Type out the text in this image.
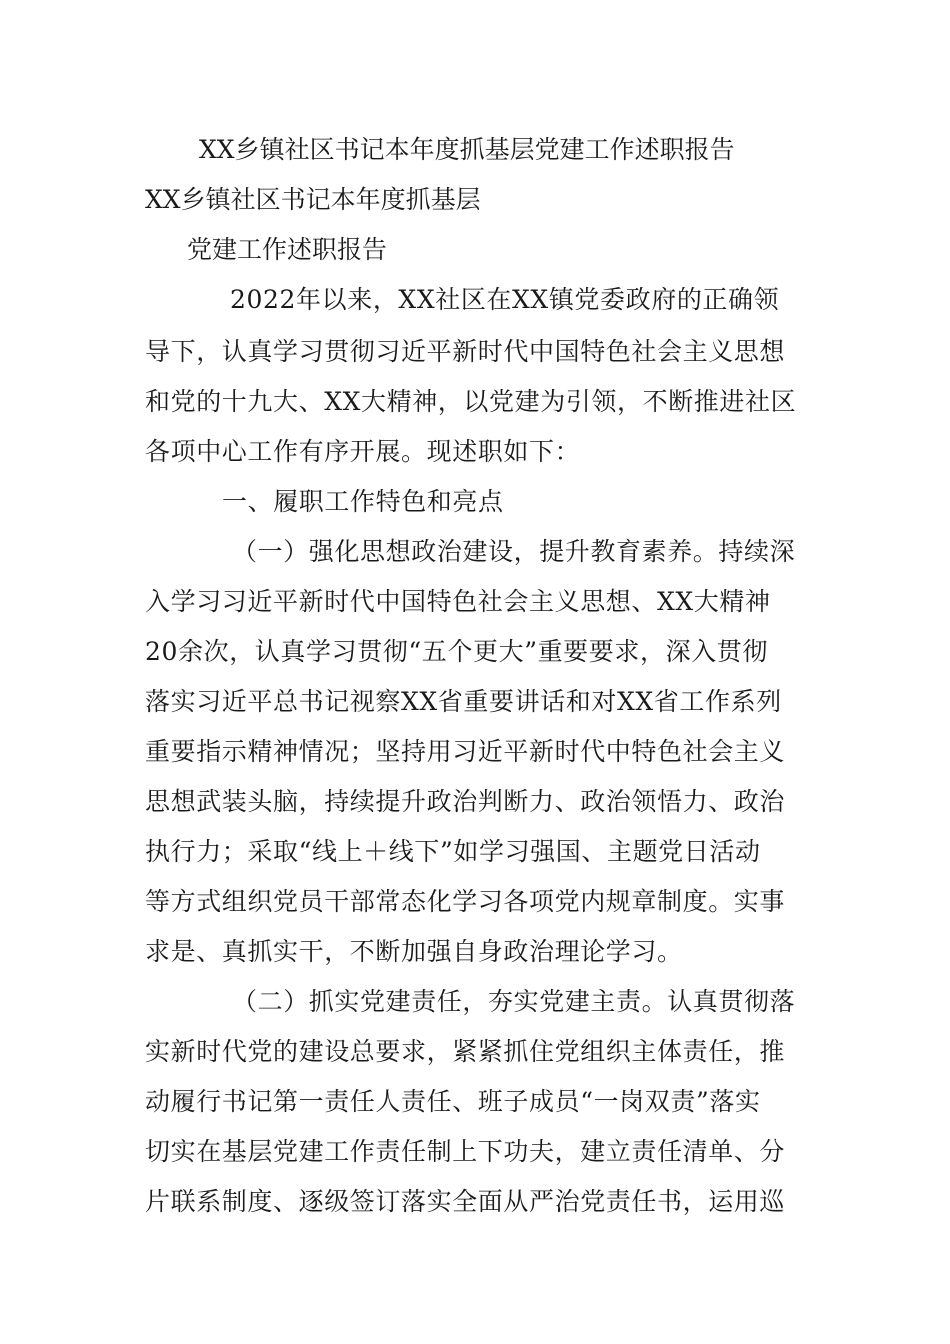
XX乡镇社区书记本年度抓基层党建工作述职报告
XX乡镇社区书记本年度抓基层
党建工作述职报告
2022年以来，XX社区在XX镇党委政府的正确领
导下，认真学习贯彻习近平新时代中国特色社会主义思想
和党的十九大、XX大精神，以党建为引领，不断推进社区
各项中心工作有序开展。现述职如下：
一、履职工作特色和亮点
（一）强化思想政治建设，提升教育素养。持续深
入学习习近平新时代中国特色社会主义思想、XX大精神
20余次，认真学习贯彻“五个更大”重要要求，深入贯彻
落实习近平总书记视察XX省重要讲话和对XX省工作系列
重要指示精神情况；坚持用习近平新时代中特色社会主义
思想武装头脑，持续提升政治判断力、政治领悟力、政治
执行力；采取“线上＋线下”如学习强国、主题党日活动
等方式组织党员干部常态化学习各项党内规章制度。实事
求是、真抓实干，不断加强自身政治理论学习。
（二）抓实党建责任，夯实党建主责。认真贯彻落
实新时代党的建设总要求，紧紧抓住党组织主体责任，推
动履行书记第一责任人责任、班子成员“一岗双责”落实
切实在基层党建工作责任制上下功夫，建立责任清单、分
片联系制度、逐级签订落实全面从严治党责任书，运用巡
